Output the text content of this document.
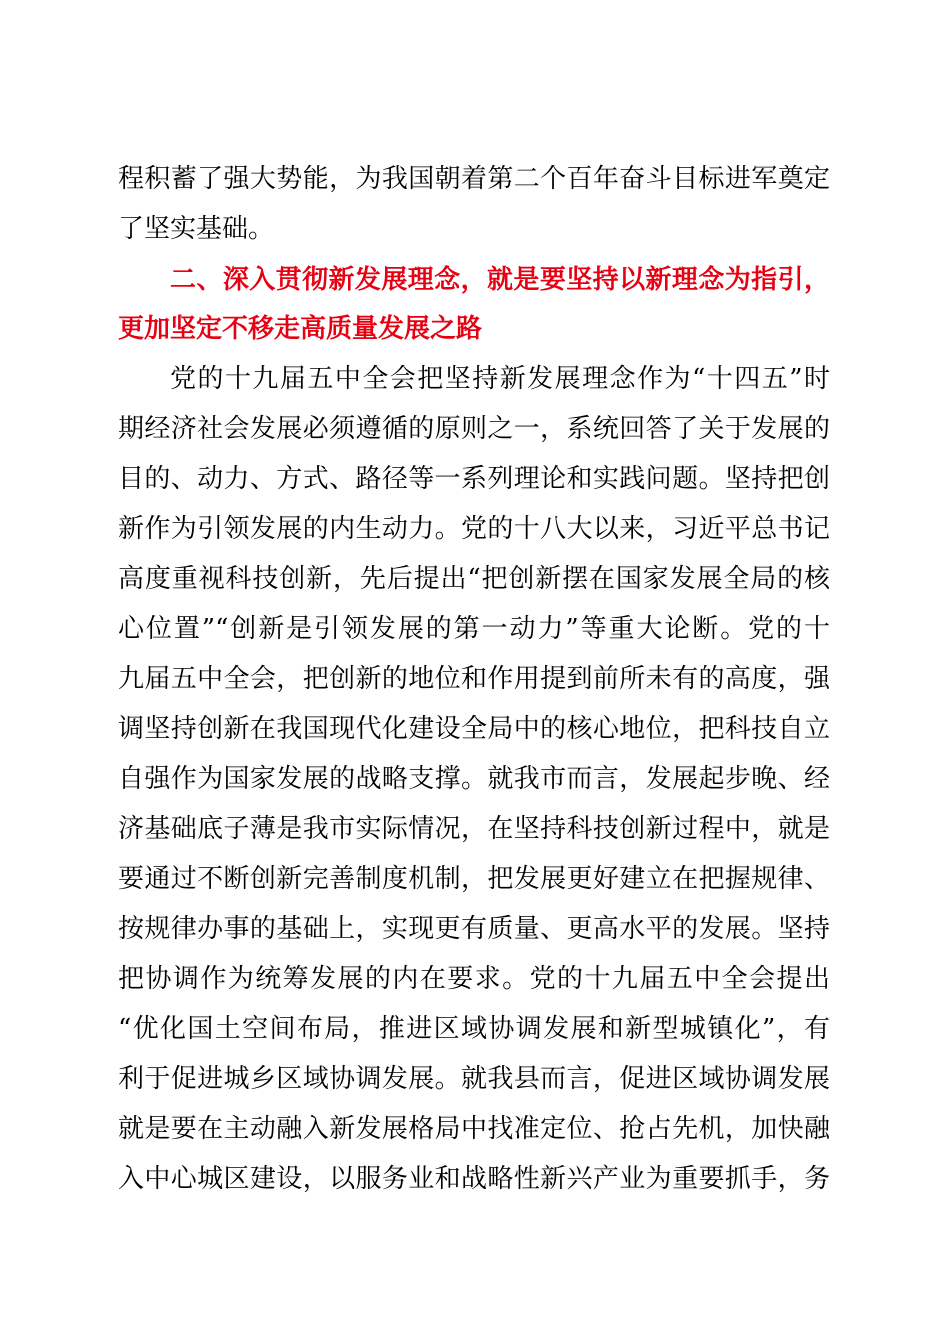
程积蓄了强大势能，为我国朝着第二个百年奋斗目标进军奠定
了坚实基础。
二、深入贯彻新发展理念，就是要坚持以新理念为指引，
更加坚定不移走高质量发展之路
党的十九届五中全会把坚持新发展理念作为“十四五”时
期经济社会发展必须遵循的原则之一，系统回答了关于发展的
目的、动力、方式、路径等一系列理论和实践问题。坚持把创
新作为引领发展的内生动力。党的十八大以来，习近平总书记
高度重视科技创新，先后提出“把创新摆在国家发展全局的核
心位置”“创新是引领发展的第一动力”等重大论断。党的十
九届五中全会，把创新的地位和作用提到前所未有的高度，强
调坚持创新在我国现代化建设全局中的核心地位，把科技自立
自强作为国家发展的战略支撑。就我市而言，发展起步晚、经
济基础底子薄是我市实际情况，在坚持科技创新过程中，就是
要通过不断创新完善制度机制，把发展更好建立在把握规律、
按规律办事的基础上，实现更有质量、更高水平的发展。坚持
把协调作为统筹发展的内在要求。党的十九届五中全会提出
“优化国土空间布局，推进区域协调发展和新型城镇化”，有
利于促进城乡区域协调发展。就我县而言，促进区域协调发展
就是要在主动融入新发展格局中找准定位、抢占先机，加快融
入中心城区建设，以服务业和战略性新兴产业为重要抓手，务
